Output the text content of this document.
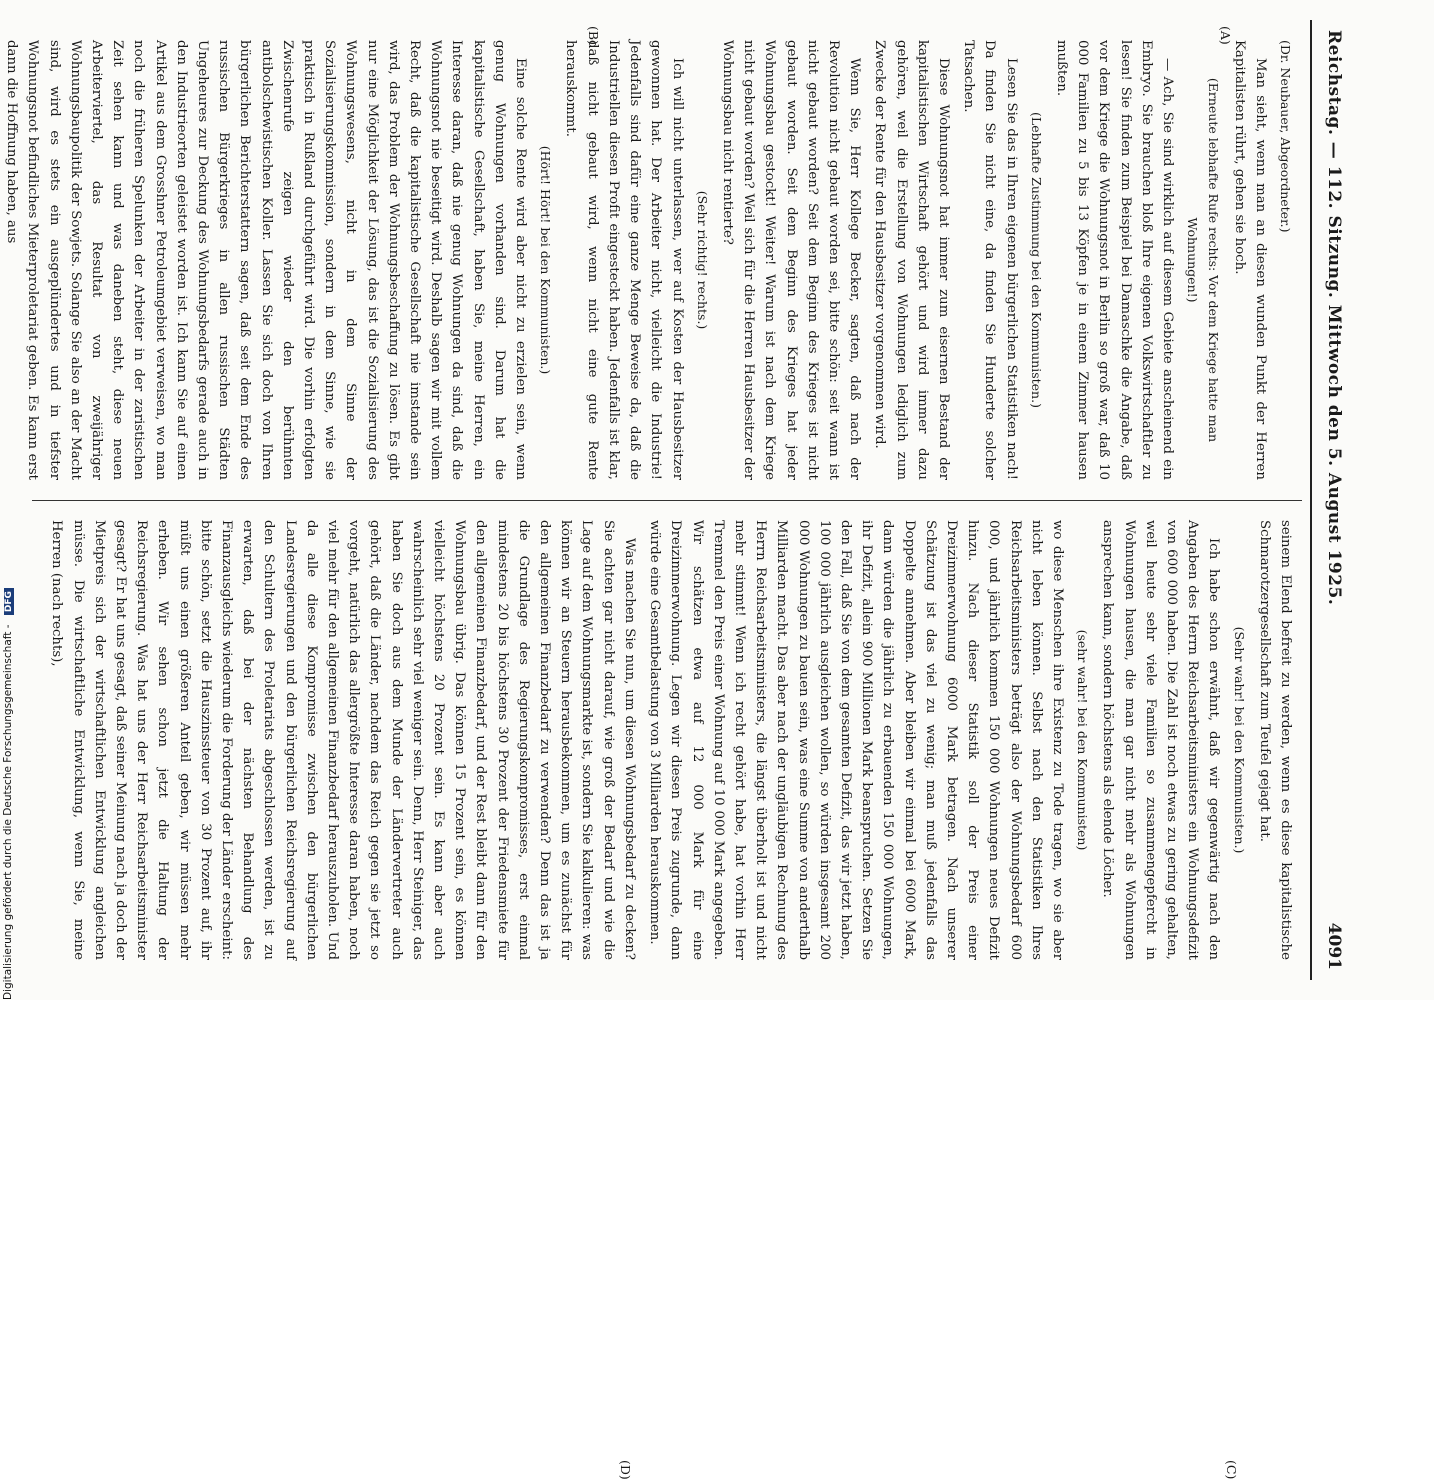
Reichstag. — 112. Sitzung. Mittwoch den 5. August 1925.
4091
(A)
(B)

(Dr. Neubauer, Abgeordneter.)

Man sieht, wenn man an diesen wunden Punkt der Herren Kapitalisten rührt, gehen sie hoch.

(Erneute lebhafte Rufe rechts: Vor dem Kriege hatte man Wohnungen!)

— Ach, Sie sind wirklich auf diesem Gebiete anscheinend ein Embryo. Sie brauchen bloß Ihre eigenen Volkswirtschaftler zu lesen! Sie finden zum Beispiel bei Damaschke die Angabe, daß vor dem Kriege die Wohnungsnot in Berlin so groß war, daß 10 000 Familien zu 5 bis 13 Köpfen je in einem Zimmer hausen mußten.

(Lebhafte Zustimmung bei den Kommunisten.)

Lesen Sie das in Ihren eigenen bürgerlichen Statistiken nach! Da finden Sie nicht eine, da finden Sie Hunderte solcher Tatsachen.

Diese Wohnungsnot hat immer zum eisernen Bestand der kapitalistischen Wirtschaft gehört und wird immer dazu gehören, weil die Erstellung von Wohnungen lediglich zum Zwecke der Rente für den Hausbesitzer vorgenommen wird.

Wenn Sie, Herr Kollege Becker, sagten, daß nach der Revolution nicht gebaut worden sei, bitte schön: seit wann ist nicht gebaut worden? Seit dem Beginn des Krieges ist nicht gebaut worden. Seit dem Beginn des Krieges hat jeder Wohnungsbau gestockt! Weiter! Warum ist nach dem Kriege nicht gebaut worden? Weil sich für die Herren Hausbesitzer der Wohnungsbau nicht rentierte?

(Sehr richtig! rechts.)

Ich will nicht unterlassen, wer auf Kosten der Hausbesitzer gewonnen hat. Der Arbeiter nicht, vielleicht die Industrie! Jedenfalls sind dafür eine ganze Menge Beweise da, daß die Industriellen diesen Profit eingesteckt haben. Jedenfalls ist klar, daß nicht gebaut wird, wenn nicht eine gute Rente herauskommt.

(Hört! Hört! bei den Kommunisten.)

Eine solche Rente wird aber nicht zu erzielen sein, wenn genug Wohnungen vorhanden sind. Darum hat die kapitalistische Gesellschaft, haben Sie, meine Herren, ein Interesse daran, daß nie genug Wohnungen da sind, daß die Wohnungsnot nie beseitigt wird. Deshalb sagen wir mit vollem Recht, daß die kapitalistische Gesellschaft nie imstande sein wird, das Problem der Wohnungsbeschaffung zu lösen. Es gibt nur eine Möglichkeit der Lösung, das ist die Sozialisierung des Wohnungswesens, nicht in dem Sinne der Sozialisierungskommission, sondern in dem Sinne, wie sie praktisch in Rußland durchgeführt wird. Die vorhin erfolgten Zwischenrufe zeigen wieder den berühmten antibolschewistischen Koller. Lassen Sie sich doch von Ihren bürgerlichen Berichterstattern sagen, daß seit dem Ende des russischen Bürgerkrieges in allen russischen Städten Ungeheures zur Deckung des Wohnungsbedarfs gerade auch in den Industrieorten geleistet worden ist. Ich kann Sie auf einen Artikel aus dem Grosshner Petroleumgebiet verweisen, wo man noch die früheren Spelunken der Arbeiter in der zaristischen Zeit sehen kann und was daneben steht, diese neuen Arbeiterviertel, das Resultat von zweijähriger Wohnungsbaupolitik der Sowjets. Solange Sie also an der Macht sind, wird es stets ein ausgeplündertes und in tiefster Wohnungsnot befindliches Mieterproletariat geben. Es kann erst dann die Hoffnung haben, aus

(C)
(D)

seinem Elend befreit zu werden, wenn es diese kapitalistische Schmarotzergesellschaft zum Teufel gejagt hat.

(Sehr wahr! bei den Kommunisten.)

Ich habe schon erwähnt, daß wir gegenwärtig nach den Angaben des Herrn Reichsarbeitsministers ein Wohnungsdefizit von 600 000 haben. Die Zahl ist noch etwas zu gering gehalten, weil heute sehr viele Familien so zusammengepfercht in Wohnungen hausen, die man gar nicht mehr als Wohnungen ansprechen kann, sondern höchstens als elende Löcher.

(sehr wahr! bei den Kommunisten)

wo diese Menschen ihre Existenz zu Tode tragen, wo sie aber nicht leben können. Selbst nach den Statistiken Ihres Reichsarbeitsministers beträgt also der Wohnungsbedarf 600 000, und jährlich kommen 150 000 Wohnungen neues Defizit hinzu. Nach dieser Statistik soll der Preis einer Dreizimmerwohnung 6000 Mark betragen. Nach unserer Schätzung ist das viel zu wenig; man muß jedenfalls das Doppelte annehmen. Aber bleiben wir einmal bei 6000 Mark, dann würden die jährlich zu erbauenden 150 000 Wohnungen, ihr Defizit, allein 900 Millionen Mark beanspruchen. Setzen Sie den Fall, daß Sie von dem gesamten Defizit, das wir jetzt haben, 100 000 jährlich ausgleichen wollen, so würden insgesamt 200 000 Wohnungen zu bauen sein, was eine Summe von anderthalb Milliarden macht. Das aber nach der ungläubigen Rechnung des Herrn Reichsarbeitsministers, die längst überholt ist und nicht mehr stimmt! Wenn ich recht gehört habe, hat vorhin Herr Tremmel den Preis einer Wohnung auf 10 000 Mark angegeben. Wir schätzen etwa auf 12 000 Mark für eine Dreizimmerwohnung. Legen wir diesen Preis zugrunde, dann würde eine Gesamtbelastung von 3 Milliarden herauskommen.

Was machen Sie nun, um diesen Wohnungsbedarf zu decken? Sie achten gar nicht darauf, wie groß der Bedarf und wie die Lage auf dem Wohnungsmarkte ist, sondern Sie kalkulieren: was können wir an Steuern herausbekommen, um es zunächst für den allgemeinen Finanzbedarf zu verwenden? Denn das ist ja die Grundlage des Regierungskompromisses, erst einmal mindestens 20 bis höchstens 30 Prozent der Friedensmiete für den allgemeinen Finanzbedarf, und der Rest bleibt dann für den Wohnungsbau übrig. Das können 15 Prozent sein, es können vielleicht höchstens 20 Prozent sein. Es kann aber auch wahrscheinlich sehr viel weniger sein. Denn, Herr Steiniger, das haben Sie doch aus dem Munde der Ländervertreter auch gehört, daß die Länder, nachdem das Reich gegen sie jetzt so vorgeht, natürlich das allergrößte Interesse daran haben, noch viel mehr für den allgemeinen Finanzbedarf herauszuholen. Und da alle diese Kompromisse zwischen den bürgerlichen Landesregierungen und den bürgerlichen Reichsregierung auf den Schultern des Proletariats abgeschlossen werden, ist zu erwarten, daß bei der nächsten Behandlung des Finanzausgleichs wiederum die Forderung der Länder erscheint: bitte schön, setzt die Hauszinssteuer von 30 Prozent auf, ihr müßt uns einen größeren Anteil geben, wir müssen mehr erheben. Wir sehen schon jetzt die Haltung der Reichsregierung. Was hat uns der Herr Reichsarbeitsminister gesagt? Er hat uns gesagt, daß seiner Meinung nach ja doch der Mietpreis sich der wirtschaftlichen Entwicklung angleichen müsse. Die wirtschaftliche Entwicklung, wenn Sie, meine Herren (nach rechts),

Digitalisierung gefördert durch die Deutsche Forschungsgemeinschaft - DFG
